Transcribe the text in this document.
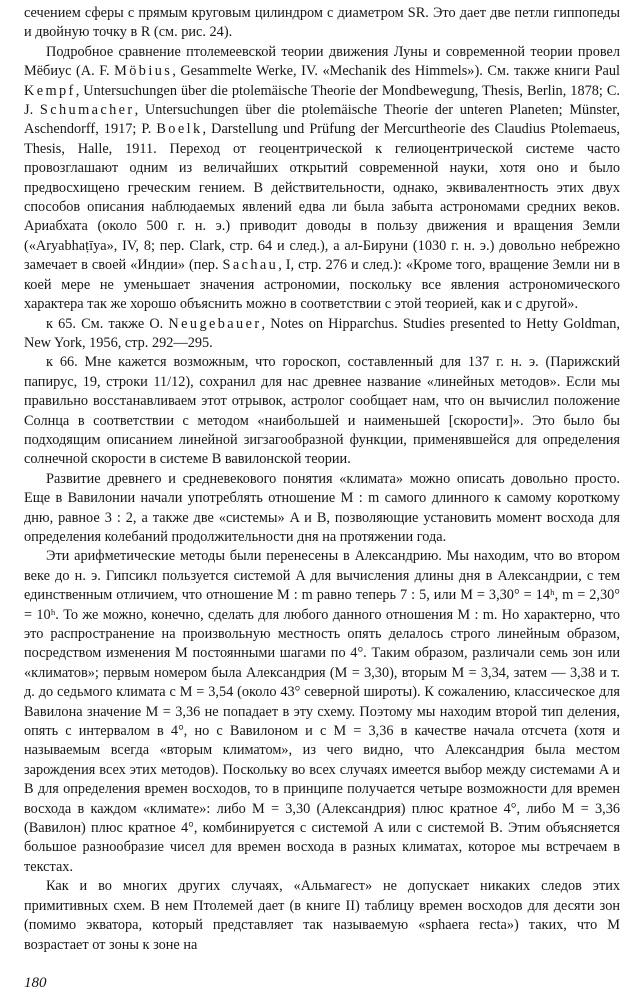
сечением сферы с прямым круговым цилиндром с диаметром SR. Это дает две петли гиппопеды и двойную точку в R (см. рис. 24).

Подробное сравнение птолемеевской теории движения Луны и современной теории провел Мёбиус (A. F. Möbius, Gesammelte Werke, IV. «Mechanik des Himmels»). См. также книги Paul Kempf, Untersuchungen über die ptolemäische Theorie der Mondbewegung, Thesis, Berlin, 1878; C. J. Schumacher, Untersuchungen über die ptolemäische Theorie der unteren Planeten; Münster, Aschendorff, 1917; P. Boelk, Darstellung und Prüfung der Mercurtheorie des Claudius Ptolemaeus, Thesis, Halle, 1911. Переход от геоцентрической к гелиоцентрической системе часто провозглашают одним из величайших открытий современной науки, хотя оно и было предвосхищено греческим гением. В действительности, однако, эквивалентность этих двух способов описания наблюдаемых явлений едва ли была забыта астрономами средних веков. Ариабхата (около 500 г. н. э.) приводит доводы в пользу движения и вращения Земли («Aryabhaṭīya», IV, 8; пер. Clark, стр. 64 и след.), а ал-Бируни (1030 г. н. э.) довольно небрежно замечает в своей «Индии» (пер. Sachau, I, стр. 276 и след.): «Кроме того, вращение Земли ни в коей мере не уменьшает значения астрономии, поскольку все явления астрономического характера так же хорошо объяснить можно в соответствии с этой теорией, как и с другой».

к 65. См. также O. Neugebauer, Notes on Hipparchus. Studies presented to Hetty Goldman, New York, 1956, стр. 292—295.

к 66. Мне кажется возможным, что гороскоп, составленный для 137 г. н. э. (Парижский папирус, 19, строки 11/12), сохранил для нас древнее название «линейных методов». Если мы правильно восстанавливаем этот отрывок, астролог сообщает нам, что он вычислил положение Солнца в соответствии с методом «наибольшей и наименьшей [скорости]». Это было бы подходящим описанием линейной зигзагообразной функции, применявшейся для определения солнечной скорости в системе B вавилонской теории.

Развитие древнего и средневекового понятия «климата» можно описать довольно просто. Еще в Вавилонии начали употреблять отношение M : m самого длинного к самому короткому дню, равное 3 : 2, а также две «системы» A и B, позволяющие установить момент восхода для определения колебаний продолжительности дня на протяжении года.

Эти арифметические методы были перенесены в Александрию. Мы находим, что во втором веке до н. э. Гипсикл пользуется системой A для вычисления длины дня в Александрии, с тем единственным отличием, что отношение M : m равно теперь 7 : 5, или M = 3,30° = 14ʰ, m = 2,30° = 10ʰ. То же можно, конечно, сделать для любого данного отношения M : m. Но характерно, что это распространение на произвольную местность опять делалось строго линейным образом, посредством изменения M постоянными шагами по 4°. Таким образом, различали семь зон или «климатов»; первым номером была Александрия (M = 3,30), вторым M = 3,34, затем — 3,38 и т. д. до седьмого климата с M = 3,54 (около 43° северной широты). К сожалению, классическое для Вавилона значение M = 3,36 не попадает в эту схему. Поэтому мы находим второй тип деления, опять с интервалом в 4°, но с Вавилоном и с M = 3,36 в качестве начала отсчета (хотя и называемым всегда «вторым климатом», из чего видно, что Александрия была местом зарождения всех этих методов). Поскольку во всех случаях имеется выбор между системами A и B для определения времен восходов, то в принципе получается четыре возможности для времен восхода в каждом «климате»: либо M = 3,30 (Александрия) плюс кратное 4°, либо M = 3,36 (Вавилон) плюс кратное 4°, комбинируется с системой A или с системой B. Этим объясняется большое разнообразие чисел для времен восхода в разных климатах, которое мы встречаем в текстах.

Как и во многих других случаях, «Альмагест» не допускает никаких следов этих примитивных схем. В нем Птолемей дает (в книге II) таблицу времен восходов для десяти зон (помимо экватора, который представляет так называемую «sphaera recta») таких, что M возрастает от зоны к зоне на

180
